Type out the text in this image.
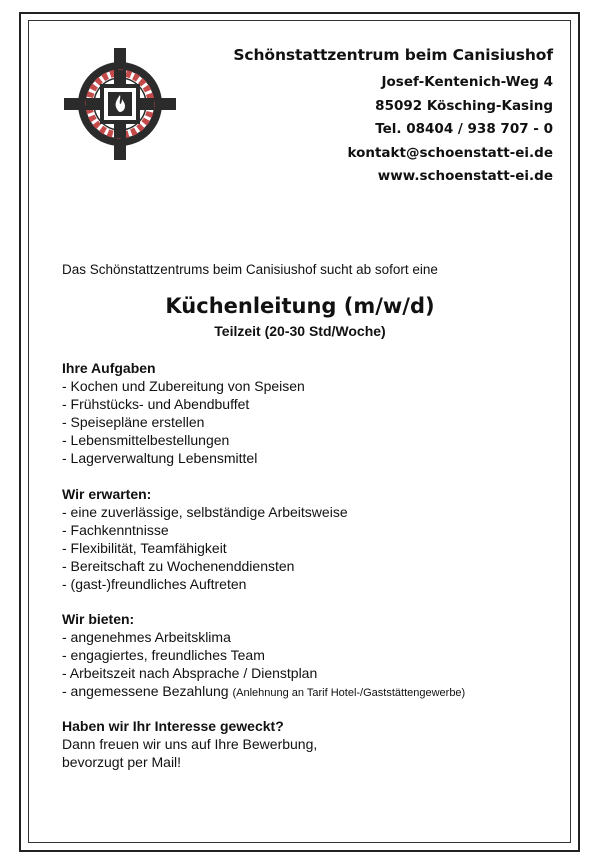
Schönstattzentrum beim Canisiushof
Josef-Kentenich-Weg 4
85092 Kösching-Kasing
Tel. 08404 / 938 707 - 0
kontakt@schoenstatt-ei.de
www.schoenstatt-ei.de
Das Schönstattzentrums beim Canisiushof sucht ab sofort eine
Küchenleitung (m/w/d)
Teilzeit (20-30 Std/Woche)
Ihre Aufgaben
- Kochen und Zubereitung von Speisen
- Frühstücks- und Abendbuffet
- Speisepläne erstellen
- Lebensmittelbestellungen
- Lagerverwaltung Lebensmittel
Wir erwarten:
- eine zuverlässige, selbständige Arbeitsweise
- Fachkenntnisse
- Flexibilität, Teamfähigkeit
- Bereitschaft zu Wochenenddiensten
- (gast-)freundliches Auftreten
Wir bieten:
- angenehmes Arbeitsklima
- engagiertes, freundliches Team
- Arbeitszeit nach Absprache / Dienstplan
- angemessene Bezahlung (Anlehnung an Tarif Hotel-/Gaststättengewerbe)
Haben wir Ihr Interesse geweckt?
Dann freuen wir uns auf Ihre Bewerbung,
bevorzugt per Mail!
